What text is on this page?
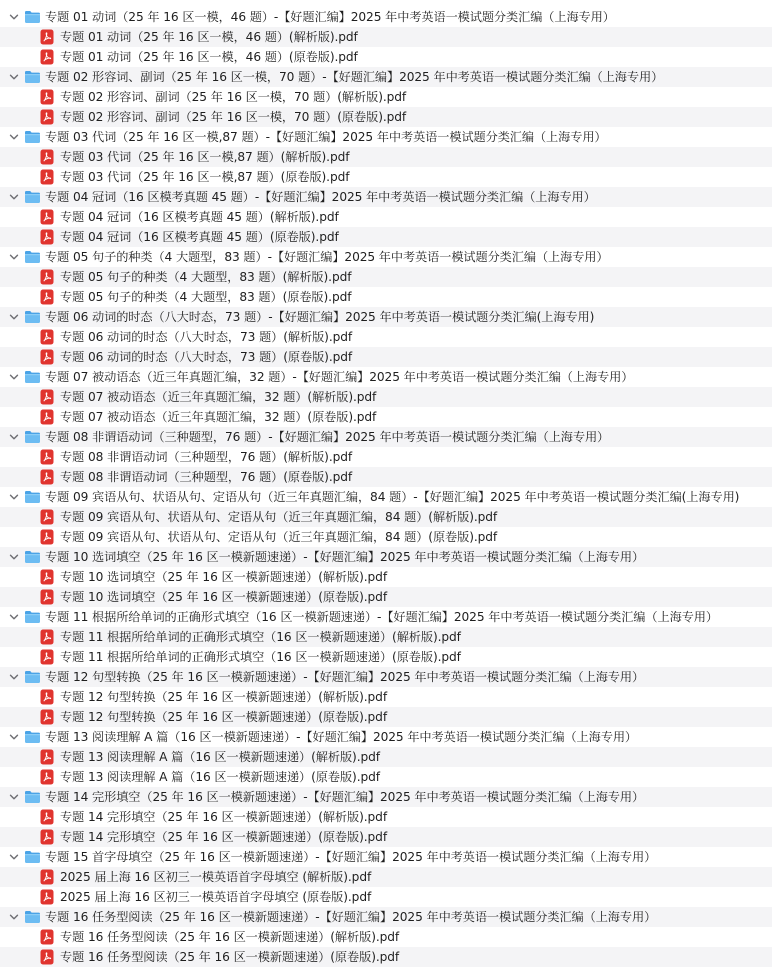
专题 01 动词（25 年 16 区一模，46 题）-【好题汇编】2025 年中考英语一模试题分类汇编（上海专用）
专题 01 动词（25 年 16 区一模，46 题）(解析版).pdf
专题 01 动词（25 年 16 区一模，46 题）(原卷版).pdf
专题 02 形容词、副词（25 年 16 区一模，70 题）-【好题汇编】2025 年中考英语一模试题分类汇编（上海专用）
专题 02 形容词、副词（25 年 16 区一模，70 题）(解析版).pdf
专题 02 形容词、副词（25 年 16 区一模，70 题）(原卷版).pdf
专题 03 代词（25 年 16 区一模,87 题）-【好题汇编】2025 年中考英语一模试题分类汇编（上海专用）
专题 03 代词（25 年 16 区一模,87 题）(解析版).pdf
专题 03 代词（25 年 16 区一模,87 题）(原卷版).pdf
专题 04 冠词（16 区模考真题 45 题）-【好题汇编】2025 年中考英语一模试题分类汇编（上海专用）
专题 04 冠词（16 区模考真题 45 题）(解析版).pdf
专题 04 冠词（16 区模考真题 45 题）(原卷版).pdf
专题 05 句子的种类（4 大题型，83 题）-【好题汇编】2025 年中考英语一模试题分类汇编（上海专用）
专题 05 句子的种类（4 大题型，83 题）(解析版).pdf
专题 05 句子的种类（4 大题型，83 题）(原卷版).pdf
专题 06 动词的时态（八大时态，73 题）-【好题汇编】2025 年中考英语一模试题分类汇编(上海专用)
专题 06 动词的时态（八大时态，73 题）(解析版).pdf
专题 06 动词的时态（八大时态，73 题）(原卷版).pdf
专题 07 被动语态（近三年真题汇编，32 题）-【好题汇编】2025 年中考英语一模试题分类汇编（上海专用）
专题 07 被动语态（近三年真题汇编，32 题）(解析版).pdf
专题 07 被动语态（近三年真题汇编，32 题）(原卷版).pdf
专题 08 非谓语动词（三种题型，76 题）-【好题汇编】2025 年中考英语一模试题分类汇编（上海专用）
专题 08 非谓语动词（三种题型，76 题）(解析版).pdf
专题 08 非谓语动词（三种题型，76 题）(原卷版).pdf
专题 09 宾语从句、状语从句、定语从句（近三年真题汇编，84 题）-【好题汇编】2025 年中考英语一模试题分类汇编(上海专用)
专题 09 宾语从句、状语从句、定语从句（近三年真题汇编，84 题）(解析版).pdf
专题 09 宾语从句、状语从句、定语从句（近三年真题汇编，84 题）(原卷版).pdf
专题 10 选词填空（25 年 16 区一模新题速递）-【好题汇编】2025 年中考英语一模试题分类汇编（上海专用）
专题 10 选词填空（25 年 16 区一模新题速递）(解析版).pdf
专题 10 选词填空（25 年 16 区一模新题速递）(原卷版).pdf
专题 11 根据所给单词的正确形式填空（16 区一模新题速递）-【好题汇编】2025 年中考英语一模试题分类汇编（上海专用）
专题 11 根据所给单词的正确形式填空（16 区一模新题速递）(解析版).pdf
专题 11 根据所给单词的正确形式填空（16 区一模新题速递）(原卷版).pdf
专题 12 句型转换（25 年 16 区一模新题速递）-【好题汇编】2025 年中考英语一模试题分类汇编（上海专用）
专题 12 句型转换（25 年 16 区一模新题速递）(解析版).pdf
专题 12 句型转换（25 年 16 区一模新题速递）(原卷版).pdf
专题 13 阅读理解 A 篇（16 区一模新题速递）-【好题汇编】2025 年中考英语一模试题分类汇编（上海专用）
专题 13 阅读理解 A 篇（16 区一模新题速递）(解析版).pdf
专题 13 阅读理解 A 篇（16 区一模新题速递）(原卷版).pdf
专题 14 完形填空（25 年 16 区一模新题速递）-【好题汇编】2025 年中考英语一模试题分类汇编（上海专用）
专题 14 完形填空（25 年 16 区一模新题速递）(解析版).pdf
专题 14 完形填空（25 年 16 区一模新题速递）(原卷版).pdf
专题 15 首字母填空（25 年 16 区一模新题速递）-【好题汇编】2025 年中考英语一模试题分类汇编（上海专用）
2025 届上海 16 区初三一模英语首字母填空 (解析版).pdf
2025 届上海 16 区初三一模英语首字母填空 (原卷版).pdf
专题 16 任务型阅读（25 年 16 区一模新题速递）-【好题汇编】2025 年中考英语一模试题分类汇编（上海专用）
专题 16 任务型阅读（25 年 16 区一模新题速递）(解析版).pdf
专题 16 任务型阅读（25 年 16 区一模新题速递）(原卷版).pdf
